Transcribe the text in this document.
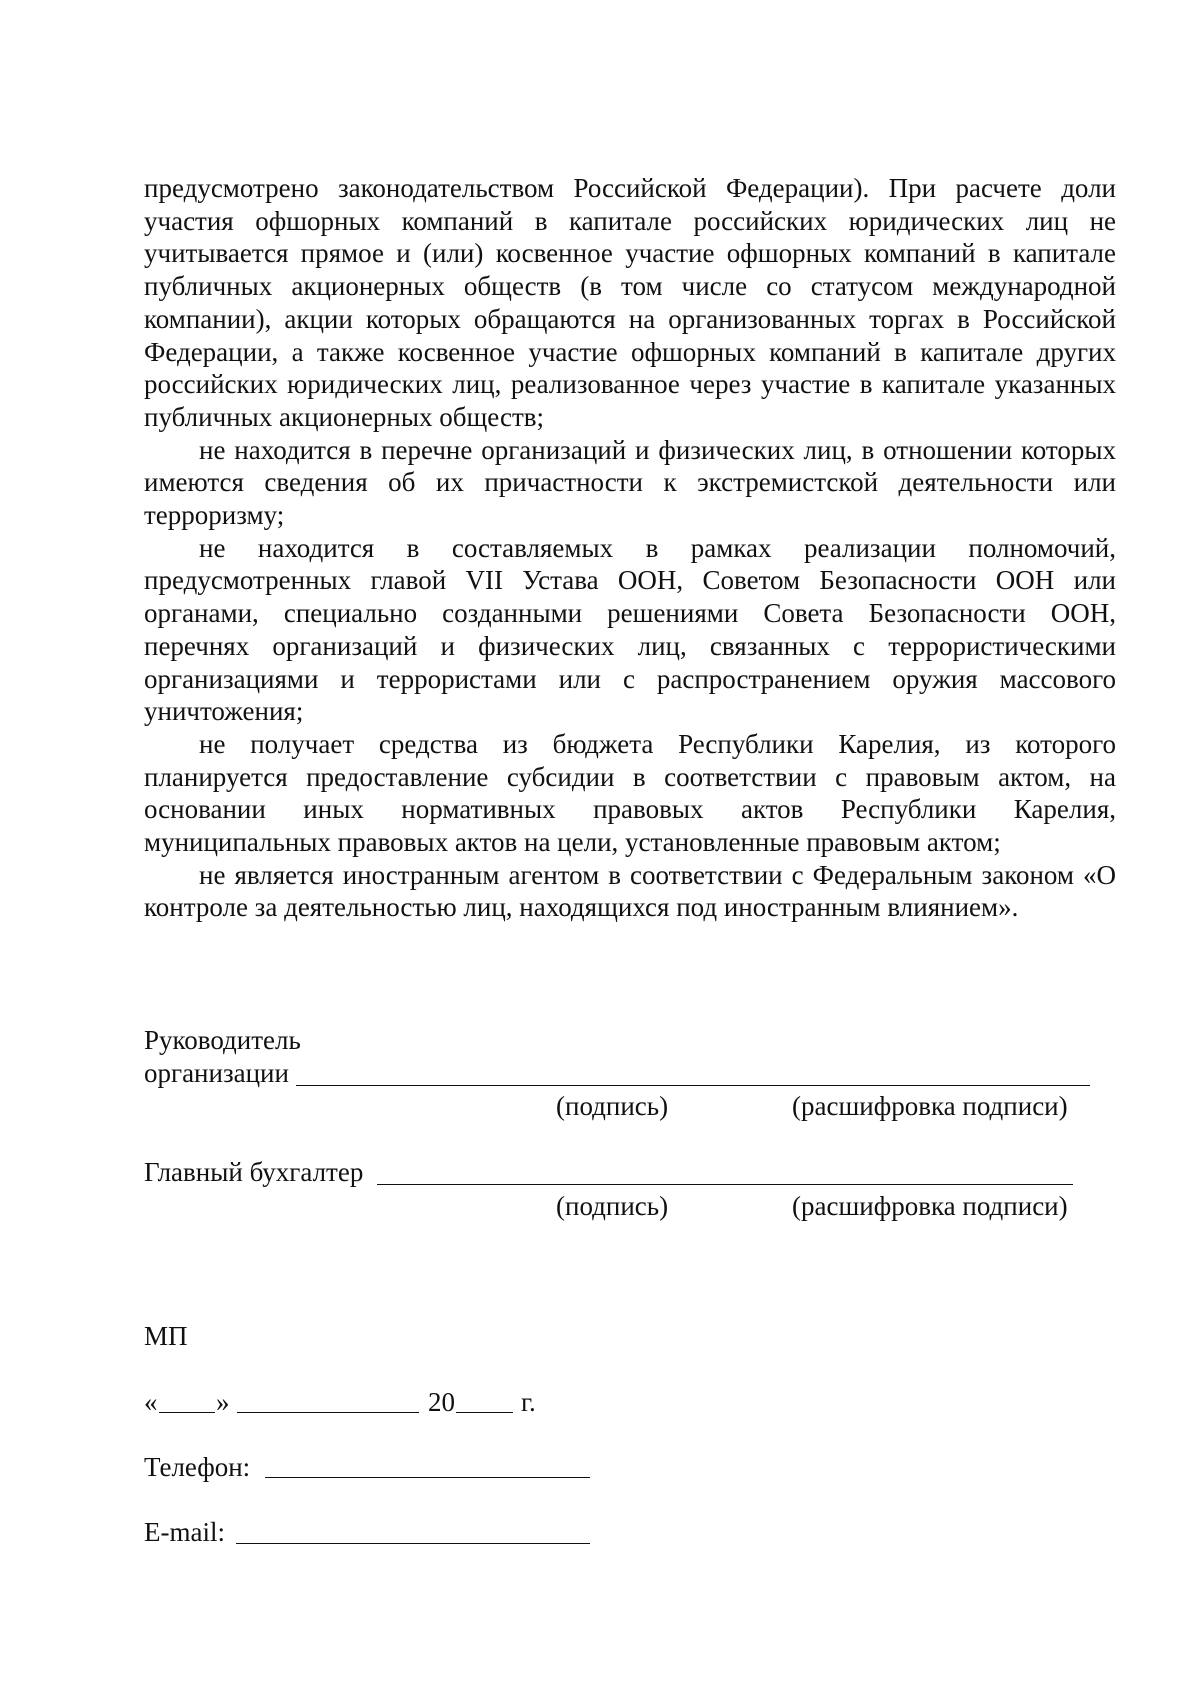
предусмотрено законодательством Российской Федерации). При расчете доли участия офшорных компаний в капитале российских юридических лиц не учитывается прямое и (или) косвенное участие офшорных компаний в капитале публичных акционерных обществ (в том числе со статусом международной компании), акции которых обращаются на организованных торгах в Российской Федерации, а также косвенное участие офшорных компаний в капитале других российских юридических лиц, реализованное через участие в капитале указанных публичных акционерных обществ;

не находится в перечне организаций и физических лиц, в отношении которых имеются сведения об их причастности к экстремистской деятельности или терроризму;

не находится в составляемых в рамках реализации полномочий, предусмотренных главой VII Устава ООН, Советом Безопасности ООН или органами, специально созданными решениями Совета Безопасности ООН, перечнях организаций и физических лиц, связанных с террористическими организациями и террористами или с распространением оружия массового уничтожения;

не получает средства из бюджета Республики Карелия, из которого планируется предоставление субсидии в соответствии с правовым актом, на основании иных нормативных правовых актов Республики Карелия, муниципальных правовых актов на цели, установленные правовым актом;

не является иностранным агентом в соответствии с Федеральным законом «О контроле за деятельностью лиц, находящихся под иностранным влиянием».

Руководитель
организации
(подпись)	(расшифровка подписи)
Главный бухгалтер
(подпись)	(расшифровка подписи)
МП
« »	20 г.
Телефон:
E-mail:
